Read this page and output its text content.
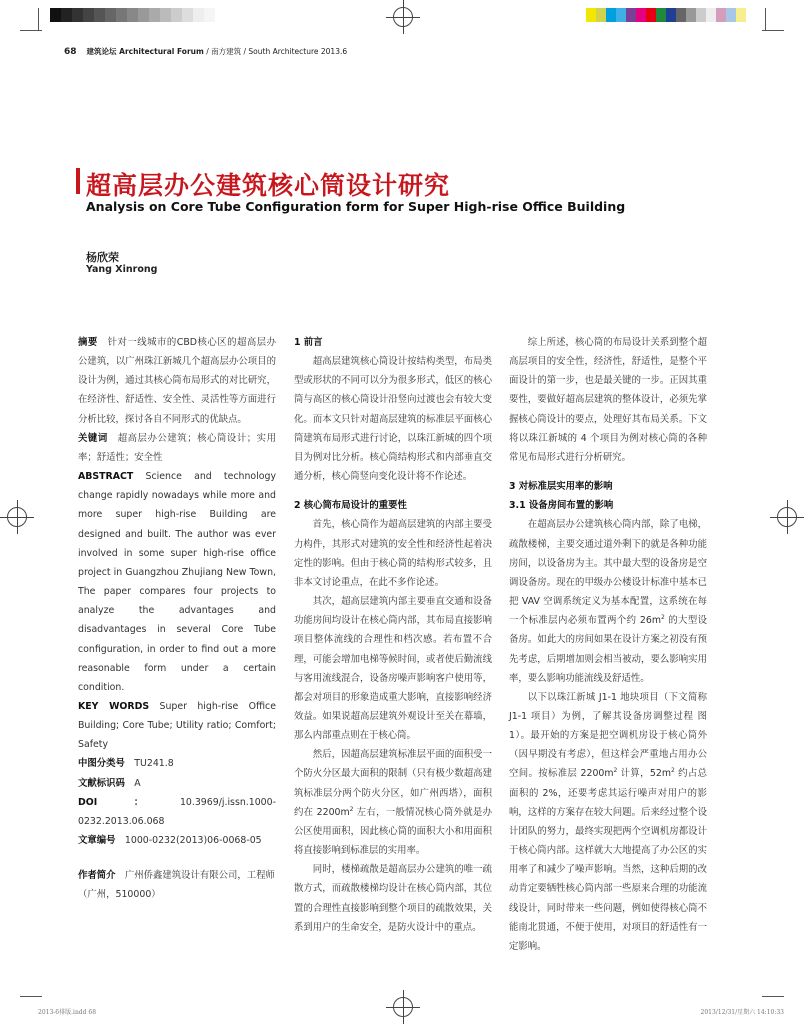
68 建筑论坛 Architectural Forum / 南方建筑 / South Architecture 2013.6
超高层办公建筑核心筒设计研究
Analysis on Core Tube Configuration form for Super High-rise Office Building
杨欣荣
Yang Xinrong

摘要　针对一线城市的CBD核心区的超高层办公建筑，以广州珠江新城几个超高层办公项目的设计为例，通过其核心筒布局形式的对比研究，在经济性、舒适性、安全性、灵活性等方面进行分析比较，探讨各自不同形式的优缺点。

关键词　超高层办公建筑；核心筒设计；实用率；舒适性；安全性

ABSTRACT Science and technology change rapidly nowadays while more and more super high-rise Building are designed and built. The author was ever involved in some super high-rise office project in Guangzhou Zhujiang New Town, The paper compares four projects to analyze the advantages and disadvantages in several Core Tube configuration, in order to find out a more reasonable form under a certain condition.

KEY WORDS Super high-rise Office Building; Core Tube; Utility ratio; Comfort; Safety

中图分类号　TU241.8

文献标识码　A

DOI：10.3969/j.issn.1000-0232.2013.06.068

文章编号　1000-0232(2013)06-0068-05

作者简介　广州侨鑫建筑设计有限公司，工程师（广州，510000）

1 前言

超高层建筑核心筒设计按结构类型，布局类型或形状的不同可以分为很多形式，低区的核心筒与高区的核心筒设计沿竖向过渡也会有较大变化。而本文只针对超高层建筑的标准层平面核心筒建筑布局形式进行讨论，以珠江新城的四个项目为例对比分析。核心筒结构形式和内部垂直交通分析，核心筒竖向变化设计将不作论述。

2 核心筒布局设计的重要性

首先，核心筒作为超高层建筑的内部主要受力构件，其形式对建筑的安全性和经济性起着决定性的影响。但由于核心筒的结构形式较多，且非本文讨论重点，在此不多作论述。

其次，超高层建筑内部主要垂直交通和设备功能房间均设计在核心筒内部，其布局直接影响项目整体流线的合理性和档次感。若布置不合理，可能会增加电梯等候时间，或者使后勤流线与客用流线混合，设备房噪声影响客户使用等，都会对项目的形象造成重大影响，直接影响经济效益。如果说超高层建筑外观设计至关在幕墙，那么内部重点则在于核心筒。

然后，因超高层建筑标准层平面的面积受一个防火分区最大面积的限制（只有极少数超高建筑标准层分两个防火分区，如广州西塔），面积约在 $2200m^2$ 左右，一般情况核心筒外就是办公区使用面积，因此核心筒的面积大小和用面积将直接影响到标准层的实用率。

同时，楼梯疏散是超高层办公建筑的唯一疏散方式，而疏散楼梯均设计在核心筒内部，其位置的合理性直接影响到整个项目的疏散效果，关系到用户的生命安全，是防火设计中的重点。

综上所述，核心筒的布局设计关系到整个超高层项目的安全性，经济性，舒适性，是整个平面设计的第一步，也是最关键的一步。正因其重要性，要做好超高层建筑的整体设计，必须先掌握核心筒设计的要点，处理好其布局关系。下文将以珠江新城的 4 个项目为例对核心筒的各种常见布局形式进行分析研究。

3 对标准层实用率的影响

3.1 设备房间布置的影响

在超高层办公建筑核心筒内部，除了电梯，疏散楼梯，主要交通过道外剩下的就是各种功能房间，以设备房为主。其中最大型的设备房是空调设备房。现在的甲级办公楼设计标准中基本已把 VAV 空调系统定义为基本配置，这系统在每一个标准层内必须布置两个约 $26m^2$ 的大型设备房。如此大的房间如果在设计方案之初没有预先考虑，后期增加则会相当被动，要么影响实用率，要么影响功能流线及舒适性。

以下以珠江新城 J1-1 地块项目（下文简称 J1-1 项目）为例，了解其设备房调整过程 图 1）。最开始的方案是把空调机房设于核心筒外（因早期没有考虑），但这样会严重地占用办公空间。按标准层 $2200m^2$ 计算，$52m^2$ 约占总面积的 2%，还要考虑其运行噪声对用户的影响，这样的方案存在较大问题。后来经过整个设计团队的努力，最终实现把两个空调机房都设计于核心筒内部。这样就大大地提高了办公区的实用率了和减少了噪声影响。当然，这种后期的改动肯定要牺牲核心筒内部一些原来合理的功能流线设计，同时带来一些问题，例如使得核心筒不能南北贯通，不便于使用，对项目的舒适性有一定影响。

2013-6排版.indd 68	2013/12/31/星期六 14:10:33
